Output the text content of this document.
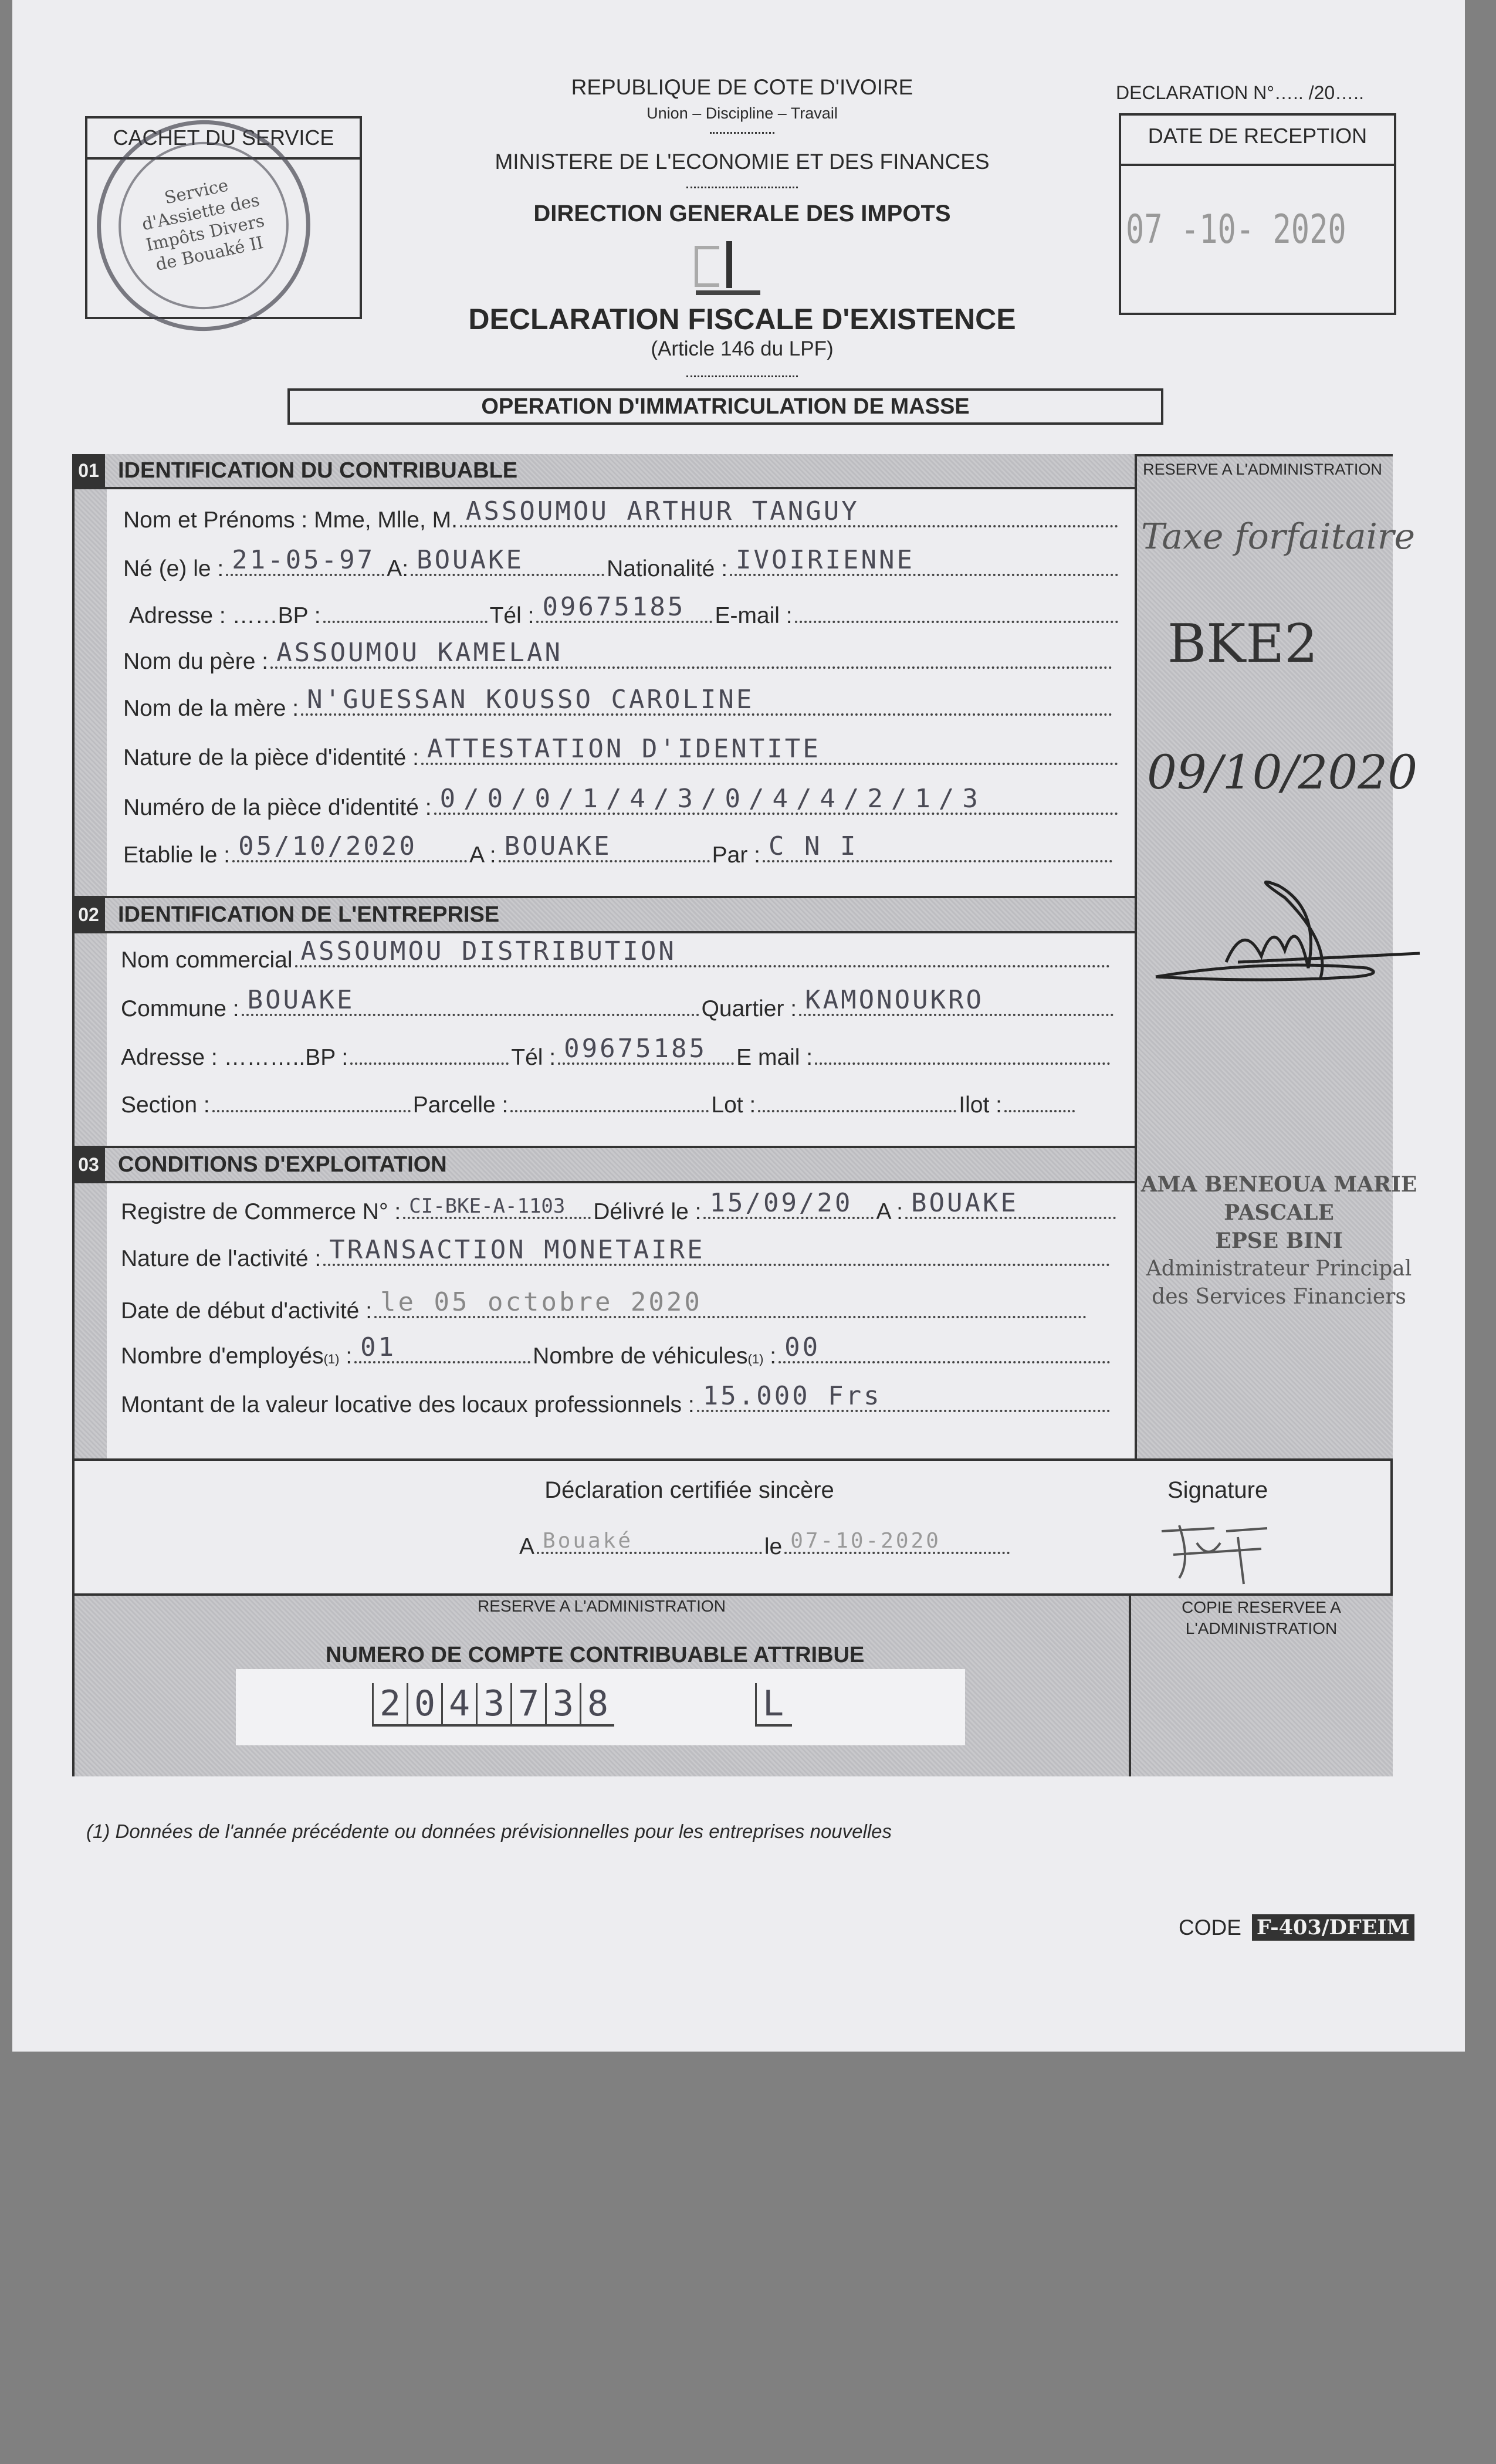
REPUBLIQUE DE COTE D'IVOIRE
Union – Discipline – Travail
MINISTERE DE L'ECONOMIE ET DES FINANCES
DIRECTION GENERALE DES IMPOTS
DECLARATION FISCALE D'EXISTENCE
(Article 146 du LPF)
OPERATION D'IMMATRICULATION DE MASSE
DECLARATION N°….. /20…..
CACHET DU SERVICE
Service d'Assiette des Impôts Divers de Bouaké II
DATE DE RECEPTION
07 -10- 2020
01 IDENTIFICATION DU CONTRIBUABLE
02 IDENTIFICATION DE L'ENTREPRISE
03 CONDITIONS D'EXPLOITATION
Nom et Prénoms : Mme, Mlle, M. ASSOUMOU ARTHUR TANGUY
Né (e) le : 21-05-97 A: BOUAKE	Nationalité : IVOIRIENNE
Adresse : ……BP :	Tél : 09675185 E-mail :
Nom du père : ASSOUMOU KAMELAN
Nom de la mère : N'GUESSAN KOUSSO CAROLINE
Nature de la pièce d'identité : ATTESTATION D'IDENTITE
Numéro de la pièce d'identité : 0/0/0/1/4/3/0/4/4/2/1/3
Etablie le : 05/10/2020 A : BOUAKE	Par : C N I
Nom commercial ASSOUMOU DISTRIBUTION
Commune : BOUAKE	Quartier : KAMONOUKRO
Adresse : ………..BP :	Tél : 09675185 E mail :
Section :	Parcelle :	Lot :	Ilot :
Registre de Commerce N° : CI-BKE-A-1103 Délivré le : 15/09/20 A : BOUAKE
Nature de l'activité : TRANSACTION MONETAIRE
Date de début d'activité : le 05 octobre 2020
Nombre d'employés (1) : 01	Nombre de véhicules (1) : 00
Montant de la valeur locative des locaux professionnels : 15.000 Frs
RESERVE A L'ADMINISTRATION
Taxe forfaitaire
BKE2
09/10/2020
AMA BENEOUA MARIE PASCALE
EPSE BINI
Administrateur Principal
des Services Financiers
Déclaration certifiée sincère
A Bouaké	le 07-10-2020
Signature
RESERVE A L'ADMINISTRATION	COPIE RESERVEE A L'ADMINISTRATION
NUMERO DE COMPTE CONTRIBUABLE ATTRIBUE
2 0 4 3 7 3 8	L
(1) Données de l'année précédente ou données prévisionnelles pour les entreprises nouvelles
CODE F-403/DFEIM
